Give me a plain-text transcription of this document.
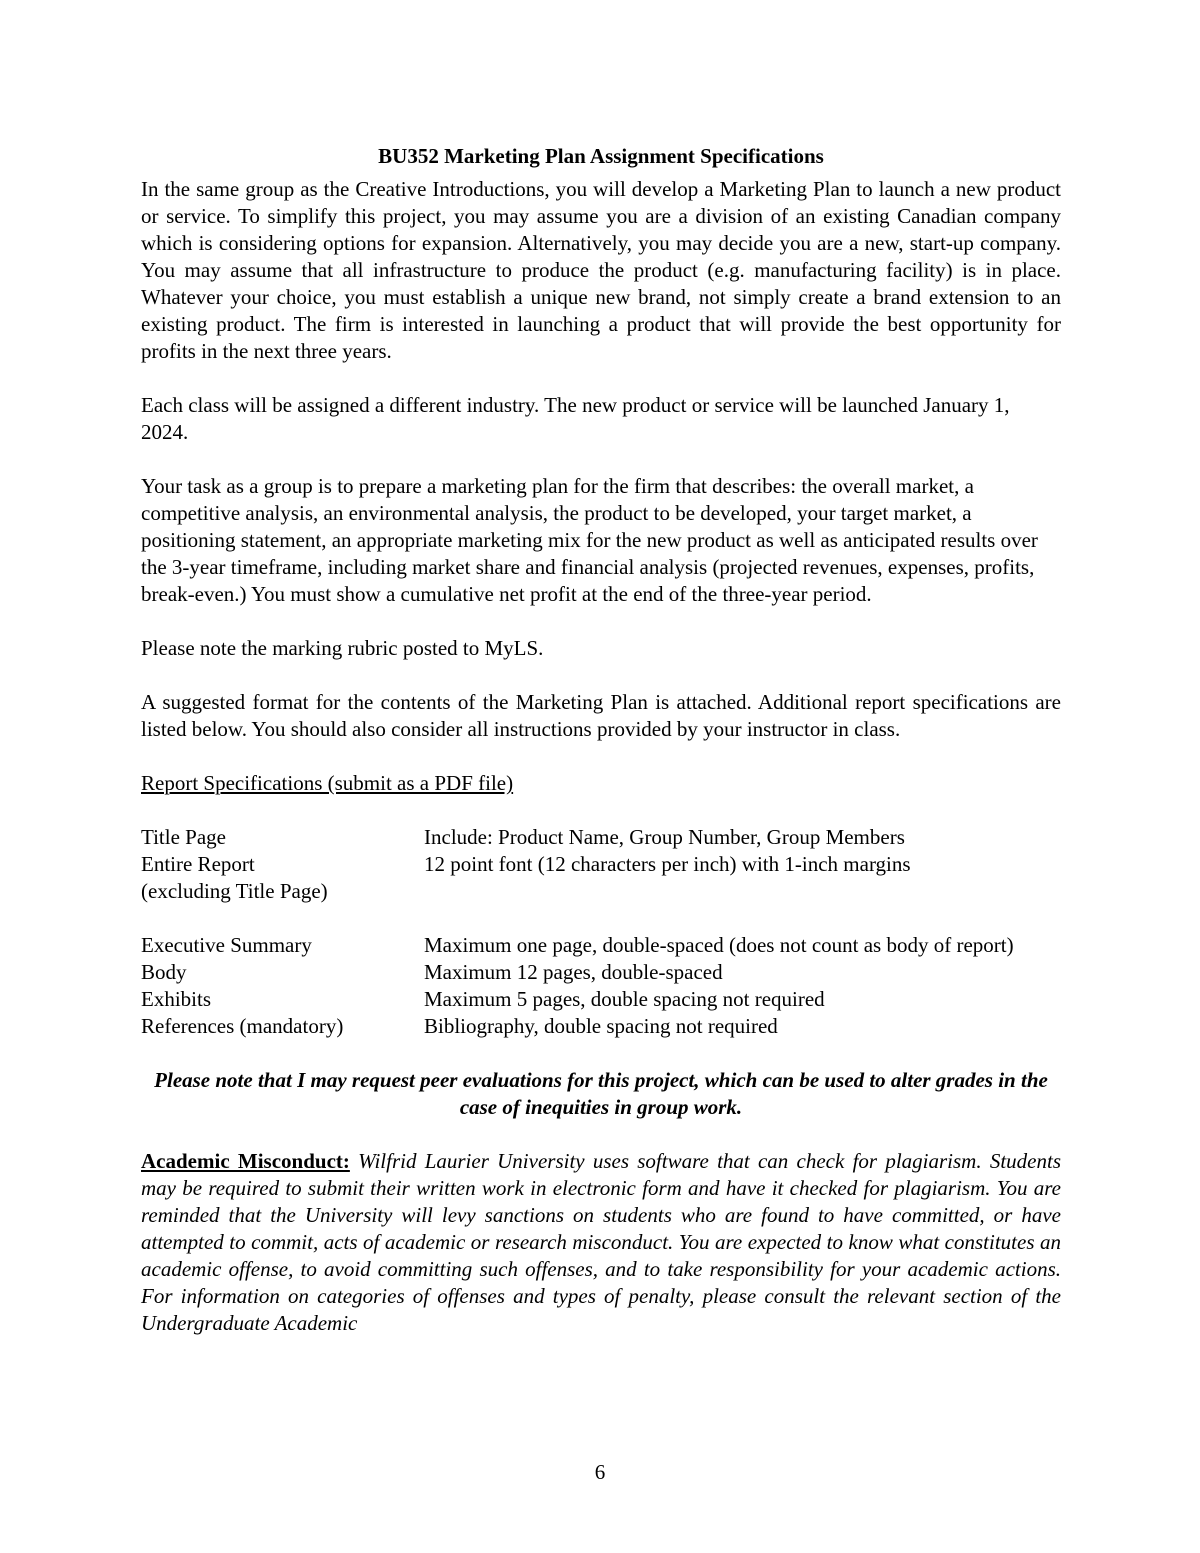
BU352 Marketing Plan Assignment Specifications

In the same group as the Creative Introductions, you will develop a Marketing Plan to launch a new product or service. To simplify this project, you may assume you are a division of an existing Canadian company which is considering options for expansion. Alternatively, you may decide you are a new, start-up company. You may assume that all infrastructure to produce the product (e.g. manufacturing facility) is in place. Whatever your choice, you must establish a unique new brand, not simply create a brand extension to an existing product. The firm is interested in launching a product that will provide the best opportunity for profits in the next three years.

Each class will be assigned a different industry. The new product or service will be launched January 1, 2024.

Your task as a group is to prepare a marketing plan for the firm that describes: the overall market, a competitive analysis, an environmental analysis, the product to be developed, your target market, a positioning statement, an appropriate marketing mix for the new product as well as anticipated results over the 3-year timeframe, including market share and financial analysis (projected revenues, expenses, profits, break-even.) You must show a cumulative net profit at the end of the three-year period.

Please note the marking rubric posted to MyLS.

A suggested format for the contents of the Marketing Plan is attached. Additional report specifications are listed below. You should also consider all instructions provided by your instructor in class.

Report Specifications (submit as a PDF file)

Title Page	Include: Product Name, Group Number, Group Members
Entire Report	12 point font (12 characters per inch) with 1-inch margins
(excluding Title Page)
Executive Summary	Maximum one page, double-spaced (does not count as body of report)
Body	Maximum 12 pages, double-spaced
Exhibits	Maximum 5 pages, double spacing not required
References (mandatory)	Bibliography, double spacing not required
Please note that I may request peer evaluations for this project, which can be used to alter grades in the case of inequities in group work.

Academic Misconduct: Wilfrid Laurier University uses software that can check for plagiarism. Students may be required to submit their written work in electronic form and have it checked for plagiarism. You are reminded that the University will levy sanctions on students who are found to have committed, or have attempted to commit, acts of academic or research misconduct. You are expected to know what constitutes an academic offense, to avoid committing such offenses, and to take responsibility for your academic actions. For information on categories of offenses and types of penalty, please consult the relevant section of the Undergraduate Academic

6
